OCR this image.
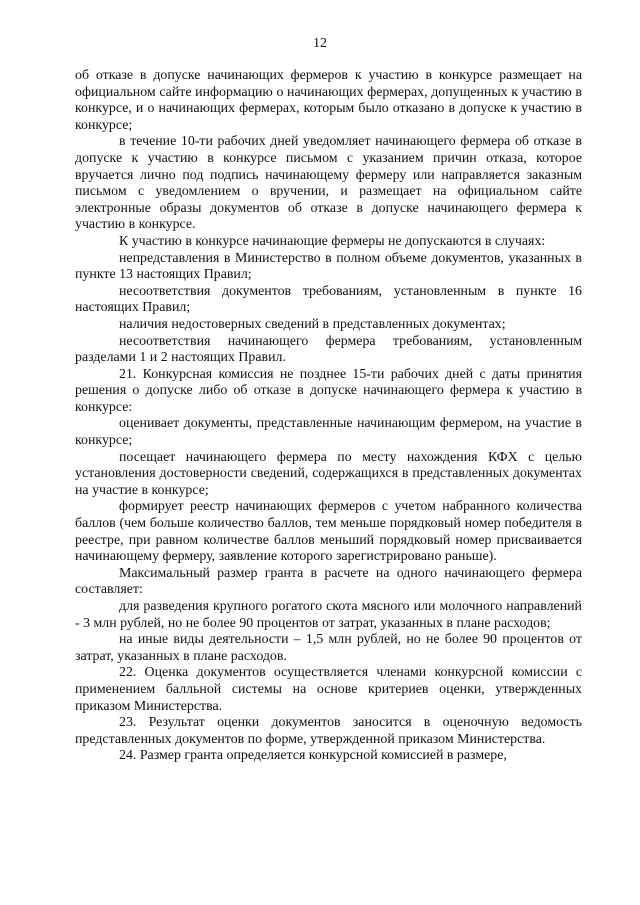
12

об отказе в допуске начинающих фермеров к участию в конкурсе размещает на официальном сайте информацию о начинающих фермерах, допущенных к участию в конкурсе, и о начинающих фермерах, которым было отказано в допуске к участию в конкурсе;

в течение 10-ти рабочих дней уведомляет начинающего фермера об отказе в допуске к участию в конкурсе письмом с указанием причин отказа, которое вручается лично под подпись начинающему фермеру или направляется заказным письмом с уведомлением о вручении, и размещает на официальном сайте электронные образы документов об отказе в допуске начинающего фермера к участию в конкурсе.

К участию в конкурсе начинающие фермеры не допускаются в случаях:

непредставления в Министерство в полном объеме документов, указанных в пункте 13 настоящих Правил;

несоответствия документов требованиям, установленным в пункте 16 настоящих Правил;

наличия недостоверных сведений в представленных документах;

несоответствия начинающего фермера требованиям, установленным разделами 1 и 2 настоящих Правил.

21. Конкурсная комиссия не позднее 15-ти рабочих дней с даты принятия решения о допуске либо об отказе в допуске начинающего фермера к участию в конкурсе:

оценивает документы, представленные начинающим фермером, на участие в конкурсе;

посещает начинающего фермера по месту нахождения КФХ с целью установления достоверности сведений, содержащихся в представленных документах на участие в конкурсе;

формирует реестр начинающих фермеров с учетом набранного количества баллов (чем больше количество баллов, тем меньше порядковый номер победителя в реестре, при равном количестве баллов меньший порядковый номер присваивается начинающему фермеру, заявление которого зарегистрировано раньше).

Максимальный размер гранта в расчете на одного начинающего фермера составляет:

для разведения крупного рогатого скота мясного или молочного направлений - 3 млн рублей, но не более 90 процентов от затрат, указанных в плане расходов;

на иные виды деятельности – 1,5 млн рублей, но не более 90 процентов от затрат, указанных в плане расходов.

22. Оценка документов осуществляется членами конкурсной комиссии с применением балльной системы на основе критериев оценки, утвержденных приказом Министерства.

23. Результат оценки документов заносится в оценочную ведомость представленных документов по форме, утвержденной приказом Министерства.

24. Размер гранта определяется конкурсной комиссией в размере,
